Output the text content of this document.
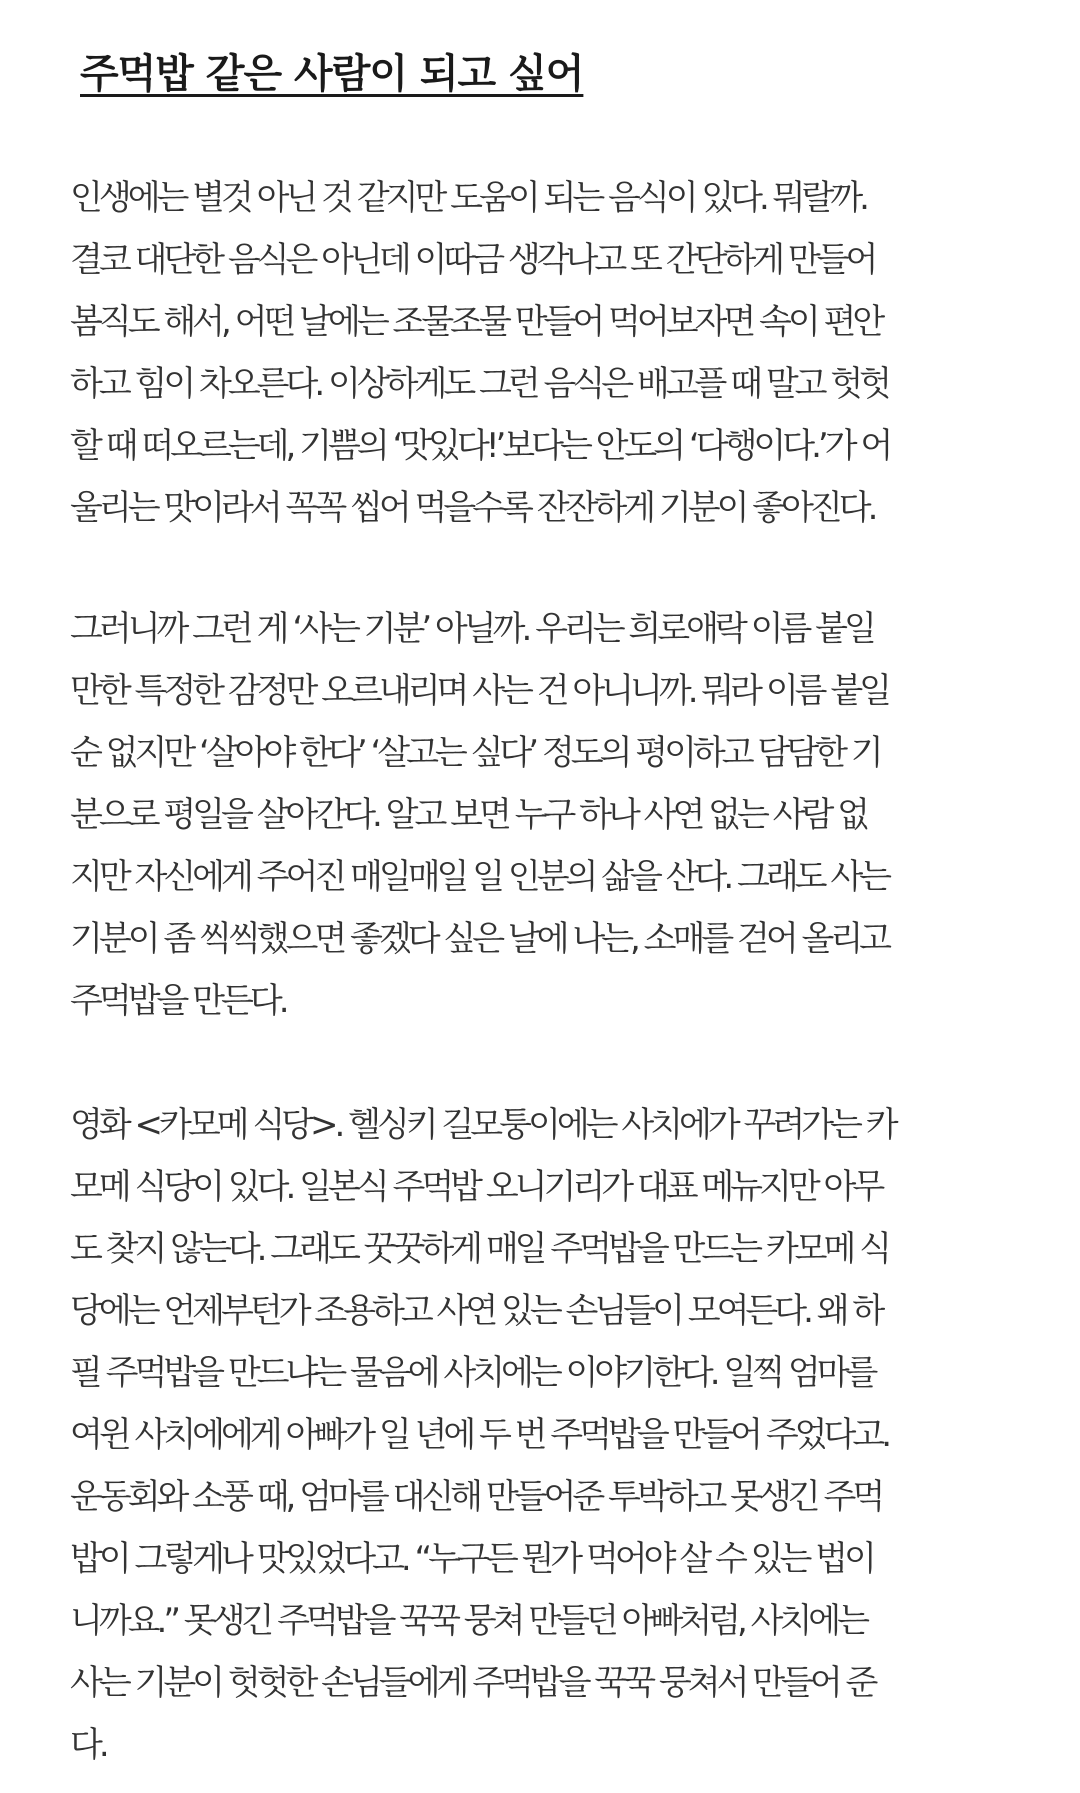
주먹밥 같은 사람이 되고 싶어
인생에는 별것 아닌 것 같지만 도움이 되는 음식이 있다. 뭐랄까.
결코 대단한 음식은 아닌데 이따금 생각나고 또 간단하게 만들어
봄직도 해서, 어떤 날에는 조물조물 만들어 먹어보자면 속이 편안
하고 힘이 차오른다. 이상하게도 그런 음식은 배고플 때 말고 헛헛
할 때 떠오르는데, 기쁨의 ‘맛있다!’보다는 안도의 ‘다행이다.’가 어
울리는 맛이라서 꼭꼭 씹어 먹을수록 잔잔하게 기분이 좋아진다.
그러니까 그런 게 ‘사는 기분’ 아닐까. 우리는 희로애락 이름 붙일
만한 특정한 감정만 오르내리며 사는 건 아니니까. 뭐라 이름 붙일
순 없지만 ‘살아야 한다’ ‘살고는 싶다’ 정도의 평이하고 담담한 기
분으로 평일을 살아간다. 알고 보면 누구 하나 사연 없는 사람 없
지만 자신에게 주어진 매일매일 일 인분의 삶을 산다. 그래도 사는
기분이 좀 씩씩했으면 좋겠다 싶은 날에 나는, 소매를 걷어 올리고
주먹밥을 만든다.
영화 <카모메 식당>. 헬싱키 길모퉁이에는 사치에가 꾸려가는 카
모메 식당이 있다. 일본식 주먹밥 오니기리가 대표 메뉴지만 아무
도 찾지 않는다. 그래도 꿋꿋하게 매일 주먹밥을 만드는 카모메 식
당에는 언제부턴가 조용하고 사연 있는 손님들이 모여든다. 왜 하
필 주먹밥을 만드냐는 물음에 사치에는 이야기한다. 일찍 엄마를
여윈 사치에에게 아빠가 일 년에 두 번 주먹밥을 만들어 주었다고.
운동회와 소풍 때, 엄마를 대신해 만들어준 투박하고 못생긴 주먹
밥이 그렇게나 맛있었다고. “누구든 뭔가 먹어야 살 수 있는 법이
니까요.” 못생긴 주먹밥을 꾹꾹 뭉쳐 만들던 아빠처럼, 사치에는
사는 기분이 헛헛한 손님들에게 주먹밥을 꾹꾹 뭉쳐서 만들어 준
다.
